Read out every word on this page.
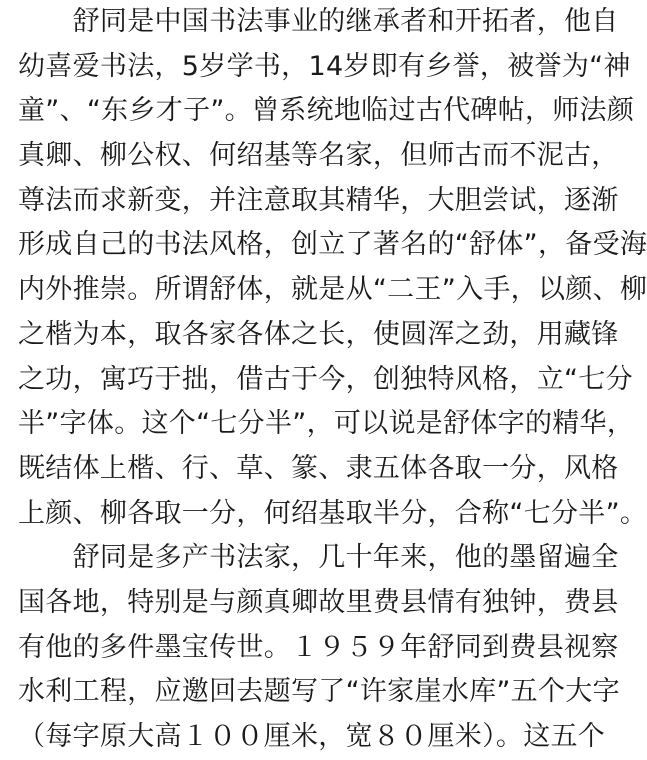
　　舒同是中国书法事业的继承者和开拓者，他自
幼喜爱书法，5岁学书，14岁即有乡誉，被誉为“神
童”、“东乡才子”。曾系统地临过古代碑帖，师法颜
真卿、柳公权、何绍基等名家，但师古而不泥古，
尊法而求新变，并注意取其精华，大胆尝试，逐渐
形成自己的书法风格，创立了著名的“舒体”，备受海
内外推崇。所谓舒体，就是从“二王”入手，以颜、柳
之楷为本，取各家各体之长，使圆浑之劲，用藏锋
之功，寓巧于拙，借古于今，创独特风格，立“七分
半”字体。这个“七分半”，可以说是舒体字的精华，
既结体上楷、行、草、篆、隶五体各取一分，风格
上颜、柳各取一分，何绍基取半分，合称“七分半”。
　　舒同是多产书法家，几十年来，他的墨留遍全
国各地，特别是与颜真卿故里费县情有独钟，费县
有他的多件墨宝传世。１９５９年舒同到费县视察
水利工程，应邀回去题写了“许家崖水库”五个大字
（每字原大高１００厘米，宽８０厘米）。这五个
